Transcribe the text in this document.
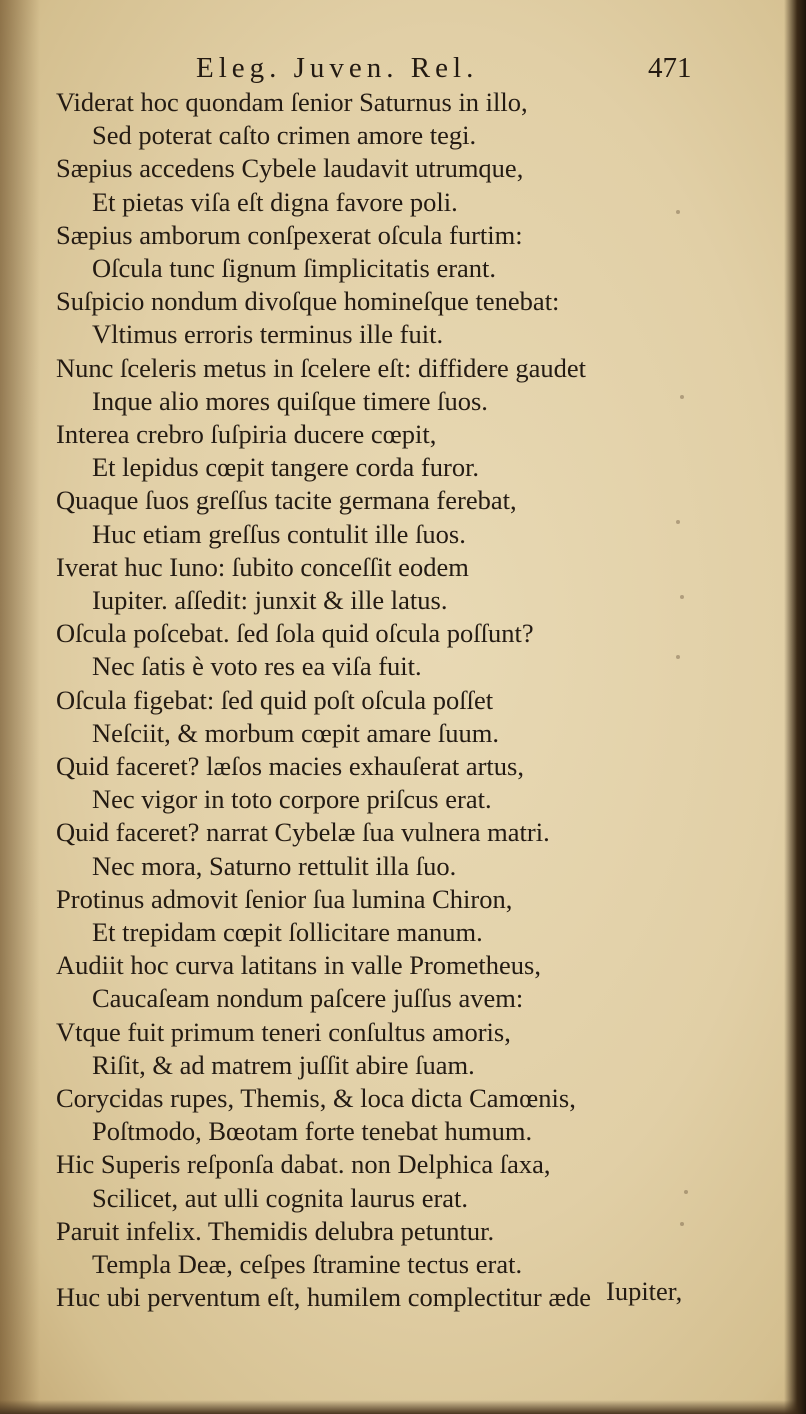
Eleg. Juven. Rel.	471
Viderat hoc quondam ſenior Saturnus in illo,
Sed poterat caſto crimen amore tegi.
Sæpius accedens Cybele laudavit utrumque,
Et pietas viſa eſt digna favore poli.
Sæpius amborum conſpexerat oſcula furtim:
Oſcula tunc ſignum ſimplicitatis erant.
Suſpicio nondum divoſque homineſque tenebat:
Vltimus erroris terminus ille fuit.
Nunc ſceleris metus in ſcelere eſt: diffidere gaudet
Inque alio mores quiſque timere ſuos.
Interea crebro ſuſpiria ducere cœpit,
Et lepidus cœpit tangere corda furor.
Quaque ſuos greſſus tacite germana ferebat,
Huc etiam greſſus contulit ille ſuos.
Iverat huc Iuno: ſubito conceſſit eodem
Iupiter. aſſedit: junxit & ille latus.
Oſcula poſcebat. ſed ſola quid oſcula poſſunt?
Nec ſatis è voto res ea viſa fuit.
Oſcula figebat: ſed quid poſt oſcula poſſet
Neſciit, & morbum cœpit amare ſuum.
Quid faceret? læſos macies exhauſerat artus,
Nec vigor in toto corpore priſcus erat.
Quid faceret? narrat Cybelæ ſua vulnera matri.
Nec mora, Saturno rettulit illa ſuo.
Protinus admovit ſenior ſua lumina Chiron,
Et trepidam cœpit ſollicitare manum.
Audiit hoc curva latitans in valle Prometheus,
Caucaſeam nondum paſcere juſſus avem:
Vtque fuit primum teneri conſultus amoris,
Riſit, & ad matrem juſſit abire ſuam.
Corycidas rupes, Themis, & loca dicta Camœnis,
Poſtmodo, Bœotam forte tenebat humum.
Hic Superis reſponſa dabat. non Delphica ſaxa,
Scilicet, aut ulli cognita laurus erat.
Paruit infelix. Themidis delubra petuntur.
Templa Deæ, ceſpes ſtramine tectus erat.
Huc ubi perventum eſt, humilem complectitur æde Iupiter,
